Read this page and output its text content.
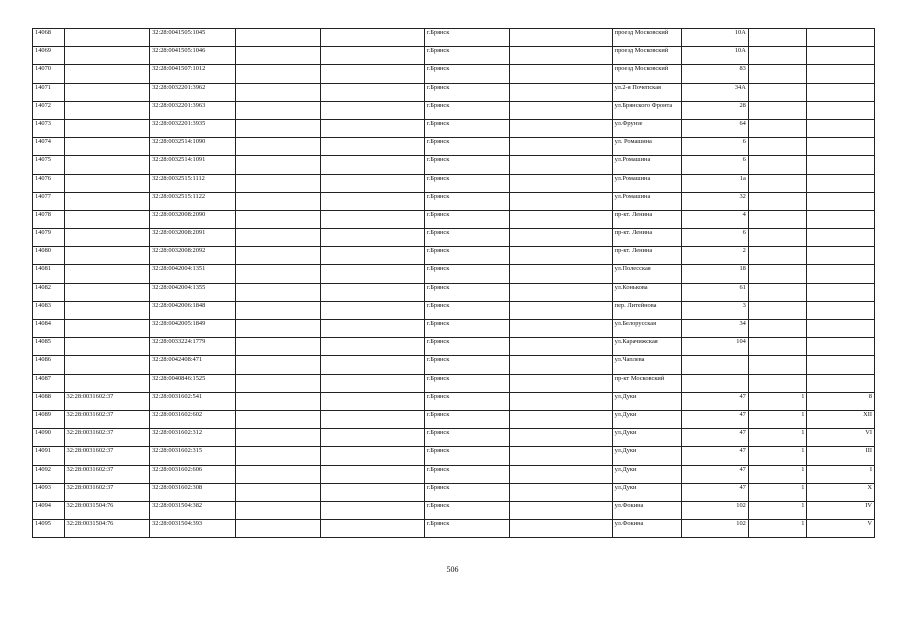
14068		32:28:0041505:1045			г.Брянск		проезд Московский	10А		
14069		32:28:0041505:1046			г.Брянск		проезд Московский	10А		
14070		32:28:0041507:1012			г.Брянск		проезд Московский	83		
14071		32:28:0032201:3962			г.Брянск		ул.2-я Почепская	34А		
14072		32:28:0032201:3963			г.Брянск		ул.Брянского Фронта	28		
14073		32:28:0032201:3935			г.Брянск		ул.Фрунзе	64		
14074		32:28:0032514:1090			г.Брянск		ул. Ромашина	6		
14075		32:28:0032514:1091			г.Брянск		ул.Ромашина	6		
14076		32:28:0032515:1112			г.Брянск		ул.Ромашина	1а		
14077		32:28:0032515:1122			г.Брянск		ул.Ромашина	32		
14078		32:28:0032008:2090			г.Брянск		пр-кт. Ленина	4		
14079		32:28:0032008:2091			г.Брянск		пр-кт. Ленина	6		
14080		32:28:0032008:2092			г.Брянск		пр-кт. Ленина	2		
14081		32:28:0042004:1351			г.Брянск		ул.Полесская	18		
14082		32:28:0042004:1355			г.Брянск		ул.Конькова	61		
14083		32:28:0042006:1848			г.Брянск		пер. Литейнова	3		
14084		32:28:0042005:1849			г.Брянск		ул.Белорусская	34		
14085		32:28:0033224:1779			г.Брянск		ул.Карачижская	104		
14086		32:28:0042408:471			г.Брянск		ул.Чаплева			
14087		32:28:0040846:1525			г.Брянск		пр-кт Московский			
14088	32:28:0031602:37	32:28:0031602:541			г.Брянск		ул.Дуки	47	1	8
14089	32:28:0031602:37	32:28:0031602:602			г.Брянск		ул.Дуки	47	1	XII
14090	32:28:0031602:37	32:28:0031602:312			г.Брянск		ул.Дуки	47	1	VI
14091	32:28:0031602:37	32:28:0031602:315			г.Брянск		ул.Дуки	47	1	III
14092	32:28:0031602:37	32:28:0031602:606			г.Брянск		ул.Дуки	47	1	I
14093	32:28:0031602:37	32:28:0031602:308			г.Брянск		ул.Дуки	47	1	X
14094	32:28:0031504:76	32:28:0031504:382			г.Брянск		ул.Фокина	102	1	IV
14095	32:28:0031504:76	32:28:0031504:393			г.Брянск		ул.Фокина	102	1	V
506
